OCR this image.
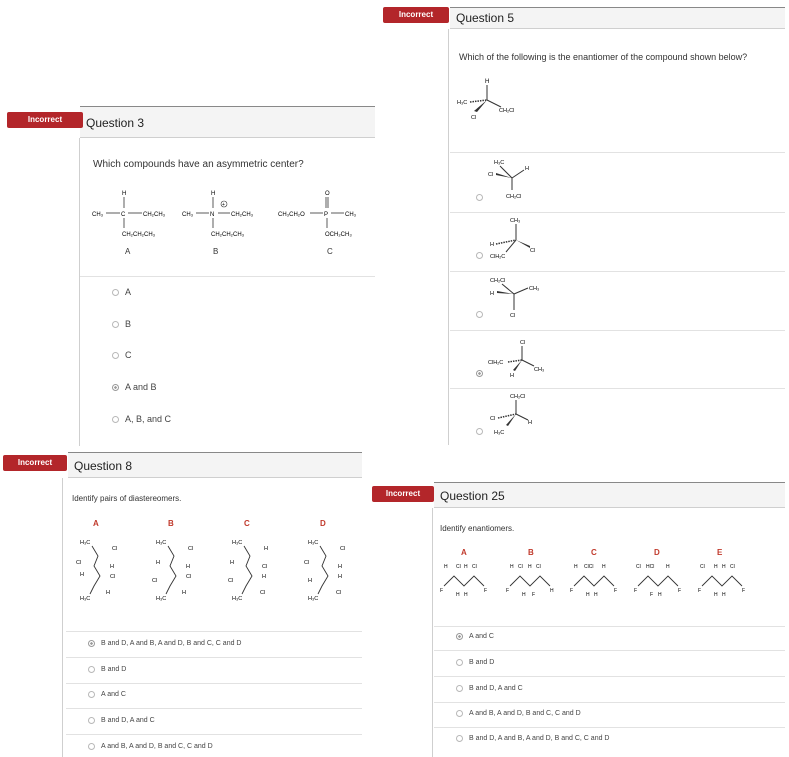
Question 5
Incorrect
Which of the following is the enantiomer of the compound shown below?
H
H₃C
CH₂Cl
Cl
H₃C
Cl
H
CH₂Cl
CH₃
H
Cl
ClH₂C
CH₂Cl
H
CH₃
Cl
Cl
ClH₂C
CH₃
H
CH₂Cl
Cl
H
H₃C
Question 3
Incorrect
Which compounds have an asymmetric center?
H
CH₃	C	CH₂CH₃
CH₂CH₂CH₃
H
+
CH₃	N	CH₂CH₃
CH₂CH₂CH₃
O
CH₃CH₂O	P	CH₃
OCH₂CH₃
A	B	C
A
B
C
A and B
A, B, and C
Question 8
Incorrect
Identify pairs of diastereomers.
A	B	C	D
H₃C
Cl
H
Cl
Cl
H
H₃C
H
H₃C
Cl
H
H
Cl
Cl
H₃C
H
H₃C
H
H
Cl
H
Cl
H₃C
Cl
H₃C
Cl
Cl
H
H
H
H₃C
Cl
B and D, A and B, A and D, B and C, C and D
B and D
A and C
B and D, A and C
A and B, A and D, B and C, C and D
Question 25
Incorrect
Identify enantiomers.
A	B	C	D	E
H Cl H Cl
F	F
H H
H Cl H Cl
F	H
H F
H ClCl H
F	F
H H
Cl HCl H
F	F
F H
Cl H H Cl
F	F
H H
A and C
B and D
B and D, A and C
A and B, A and D, B and C, C and D
B and D, A and B, A and D, B and C, C and D
